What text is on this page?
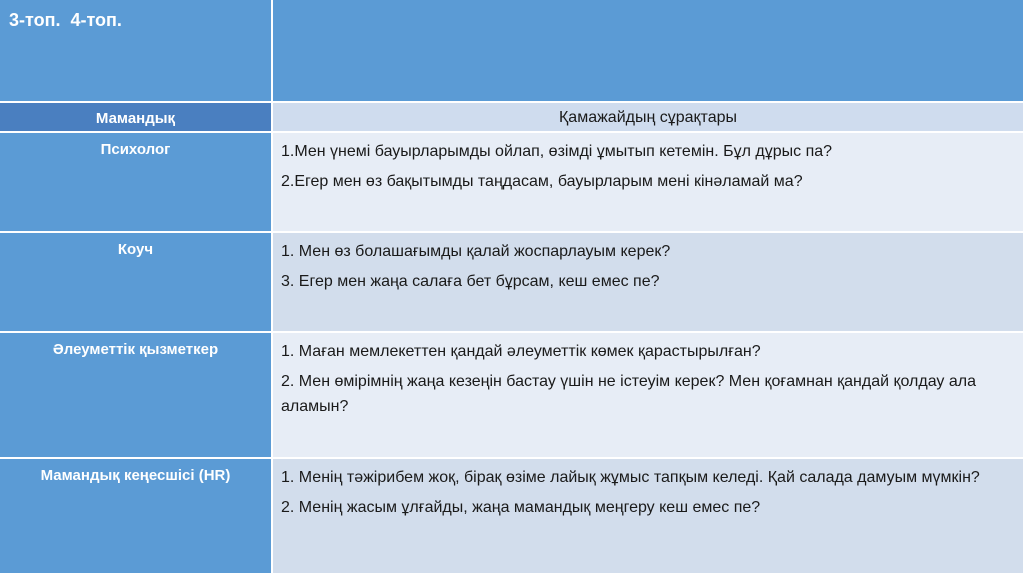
3-топ.  4-топ.	

Мамандық	Қамажайдың сұрақтары
Психолог	1.Мен үнемі бауырларымды ойлап, өзімді ұмытып кетемін. Бұл дұрыс па?
2.Егер мен өз бақытымды таңдасам, бауырларым мені кінәламай ма?

Коуч	1. Мен өз болашағымды қалай жоспарлауым керек?
3. Егер мен жаңа салаға бет бұрсам, кеш емес пе?

Әлеуметтік қызметкер	1. Маған мемлекеттен қандай әлеуметтік көмек қарастырылған?
2. Мен өмірімнің жаңа кезеңін бастау үшін не істеуім керек? Мен қоғамнан қандай қолдау ала аламын?

Мамандық кеңесшісі (HR)	1. Менің тәжірибем жоқ, бірақ өзіме лайық жұмыс тапқым келеді. Қай салада дамуым мүмкін?
2. Менің жасым ұлғайды, жаңа мамандық меңгеру кеш емес пе?
